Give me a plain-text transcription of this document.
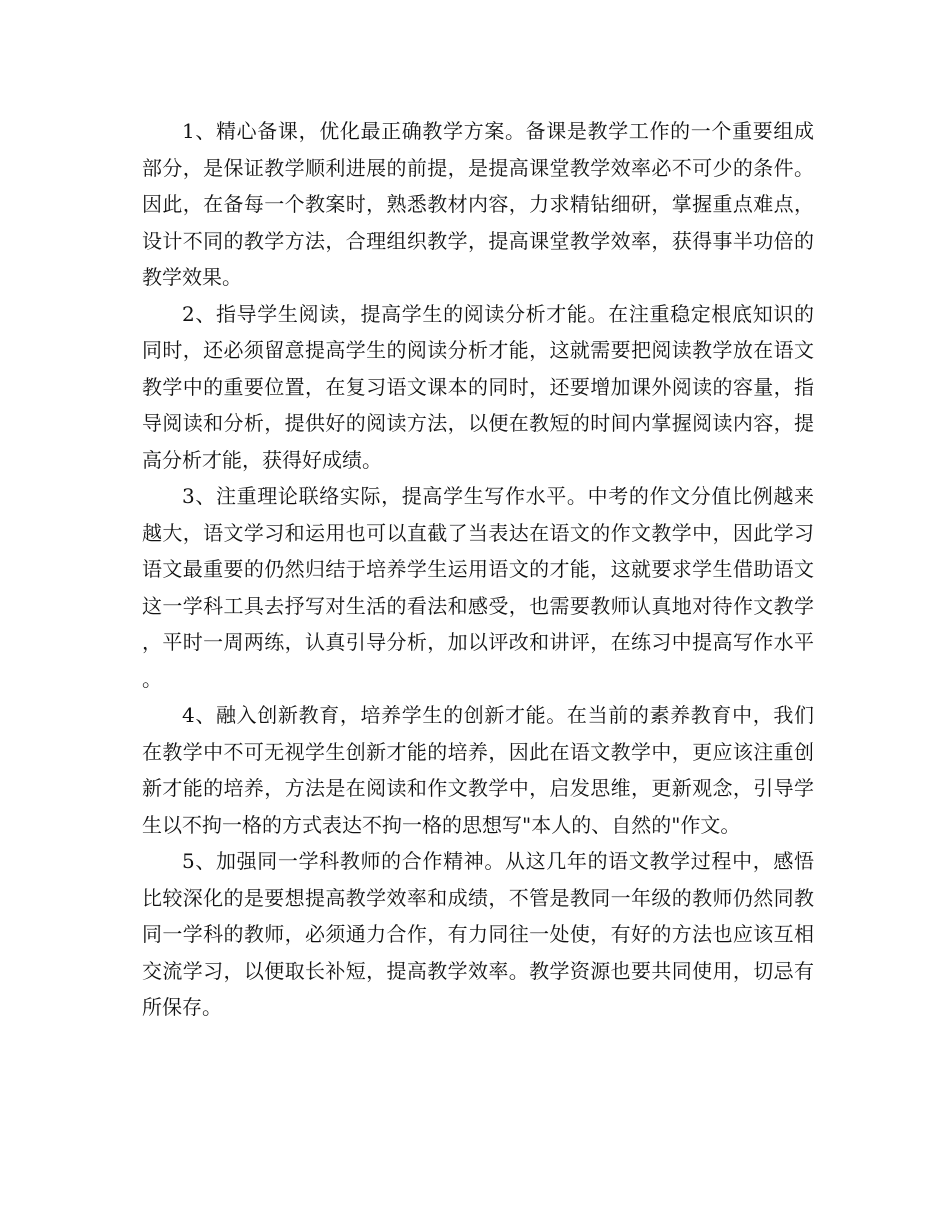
1、精心备课，优化最正确教学方案。备课是教学工作的一个重要组成部分，是保证教学顺利进展的前提，是提高课堂教学效率必不可少的条件。因此，在备每一个教案时，熟悉教材内容，力求精钻细研，掌握重点难点，设计不同的教学方法，合理组织教学，提高课堂教学效率，获得事半功倍的教学效果。

2、指导学生阅读，提高学生的阅读分析才能。在注重稳定根底知识的同时，还必须留意提高学生的阅读分析才能，这就需要把阅读教学放在语文教学中的重要位置，在复习语文课本的同时，还要增加课外阅读的容量，指导阅读和分析，提供好的阅读方法，以便在教短的时间内掌握阅读内容，提高分析才能，获得好成绩。

3、注重理论联络实际，提高学生写作水平。中考的作文分值比例越来越大，语文学习和运用也可以直截了当表达在语文的作文教学中，因此学习语文最重要的仍然归结于培养学生运用语文的才能，这就要求学生借助语文这一学科工具去抒写对生活的看法和感受，也需要教师认真地对待作文教学，平时一周两练，认真引导分析，加以评改和讲评，在练习中提高写作水平。

4、融入创新教育，培养学生的创新才能。在当前的素养教育中，我们在教学中不可无视学生创新才能的培养，因此在语文教学中，更应该注重创新才能的培养，方法是在阅读和作文教学中，启发思维，更新观念，引导学生以不拘一格的方式表达不拘一格的思想写"本人的、自然的"作文。

5、加强同一学科教师的合作精神。从这几年的语文教学过程中，感悟比较深化的是要想提高教学效率和成绩，不管是教同一年级的教师仍然同教同一学科的教师，必须通力合作，有力同往一处使，有好的方法也应该互相交流学习，以便取长补短，提高教学效率。教学资源也要共同使用，切忌有所保存。
